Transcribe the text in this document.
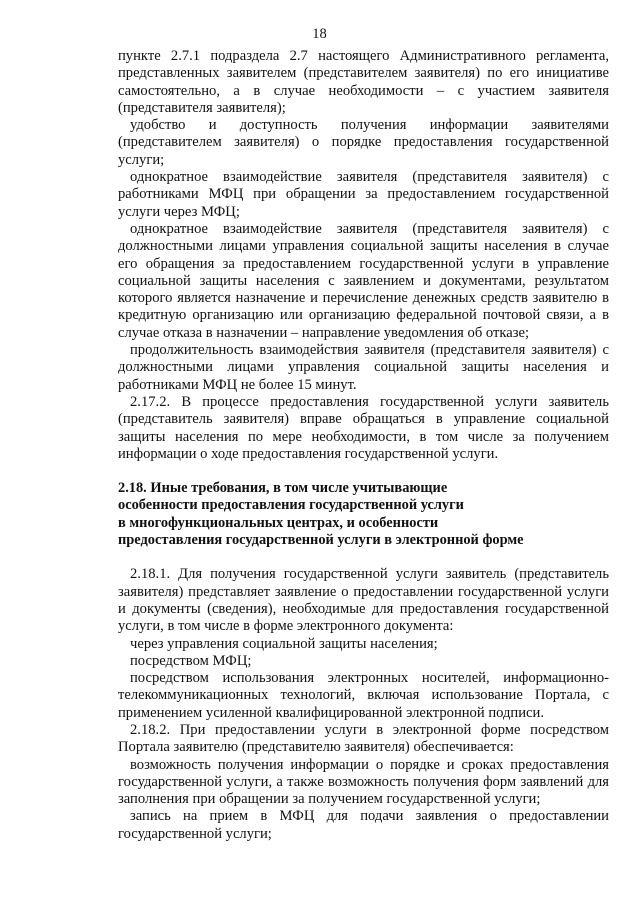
18

пункте 2.7.1 подраздела 2.7 настоящего Административного регламента, представленных заявителем (представителем заявителя) по его инициативе самостоятельно, а в случае необходимости – с участием заявителя (представителя заявителя);

удобство и доступность получения информации заявителями (представителем заявителя) о порядке предоставления государственной услуги;

однократное взаимодействие заявителя (представителя заявителя) с работниками МФЦ при обращении за предоставлением государственной услуги через МФЦ;

однократное взаимодействие заявителя (представителя заявителя) с должностными лицами управления социальной защиты населения в случае его обращения за предоставлением государственной услуги в управление социальной защиты населения с заявлением и документами, результатом которого является назначение и перечисление денежных средств заявителю в кредитную организацию или организацию федеральной почтовой связи, а в случае отказа в назначении – направление уведомления об отказе;

продолжительность взаимодействия заявителя (представителя заявителя) с должностными лицами управления социальной защиты населения и работниками МФЦ не более 15 минут.

2.17.2. В процессе предоставления государственной услуги заявитель (представитель заявителя) вправе обращаться в управление социальной защиты населения по мере необходимости, в том числе за получением информации о ходе предоставления государственной услуги.

2.18. Иные требования, в том числе учитывающие

особенности предоставления государственной услуги

в многофункциональных центрах, и особенности

предоставления государственной услуги в электронной форме

2.18.1. Для получения государственной услуги заявитель (представитель заявителя) представляет заявление о предоставлении государственной услуги и документы (сведения), необходимые для предоставления государственной услуги, в том числе в форме электронного документа:

через управления социальной защиты населения;

посредством МФЦ;

посредством использования электронных носителей, информационно-телекоммуникационных технологий, включая использование Портала, с применением усиленной квалифицированной электронной подписи.

2.18.2. При предоставлении услуги в электронной форме посредством Портала заявителю (представителю заявителя) обеспечивается:

возможность получения информации о порядке и сроках предоставления государственной услуги, а также возможность получения форм заявлений для заполнения при обращении за получением государственной услуги;

запись на прием в МФЦ для подачи заявления о предоставлении государственной услуги;
